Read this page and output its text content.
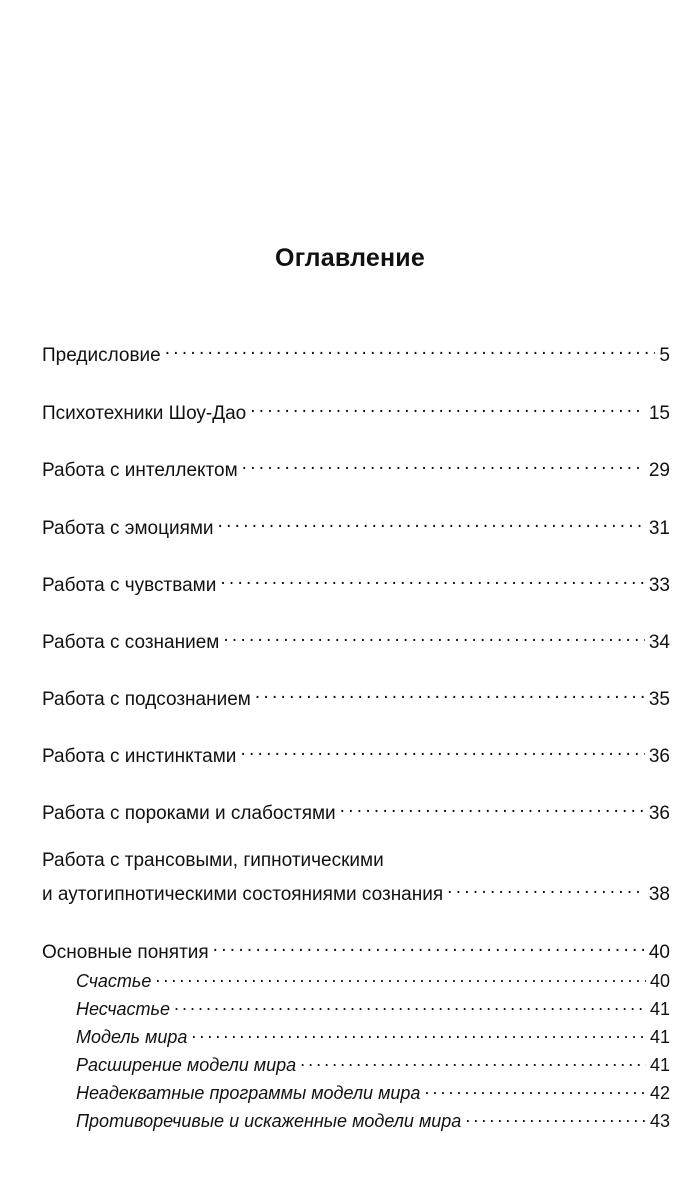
Оглавление
Предисловие . . .	5
Психотехники Шоу-Дао . . .	15
Работа с интеллектом . . .	29
Работа с эмоциями . . .	31
Работа с чувствами . . .	33
Работа с сознанием . . .	34
Работа с подсознанием . . .	35
Работа с инстинктами . . .	36
Работа с пороками и слабостями . . .	36
Работа с трансовыми, гипнотическими
и аутогипнотическими состояниями сознания . . .	38
Основные понятия . . .	40
Счастье . . .	40
Несчастье . . .	41
Модель мира . . .	41
Расширение модели мира . . .	41
Неадекватные программы модели мира . . .	42
Противоречивые и искаженные модели мира . . .	43
